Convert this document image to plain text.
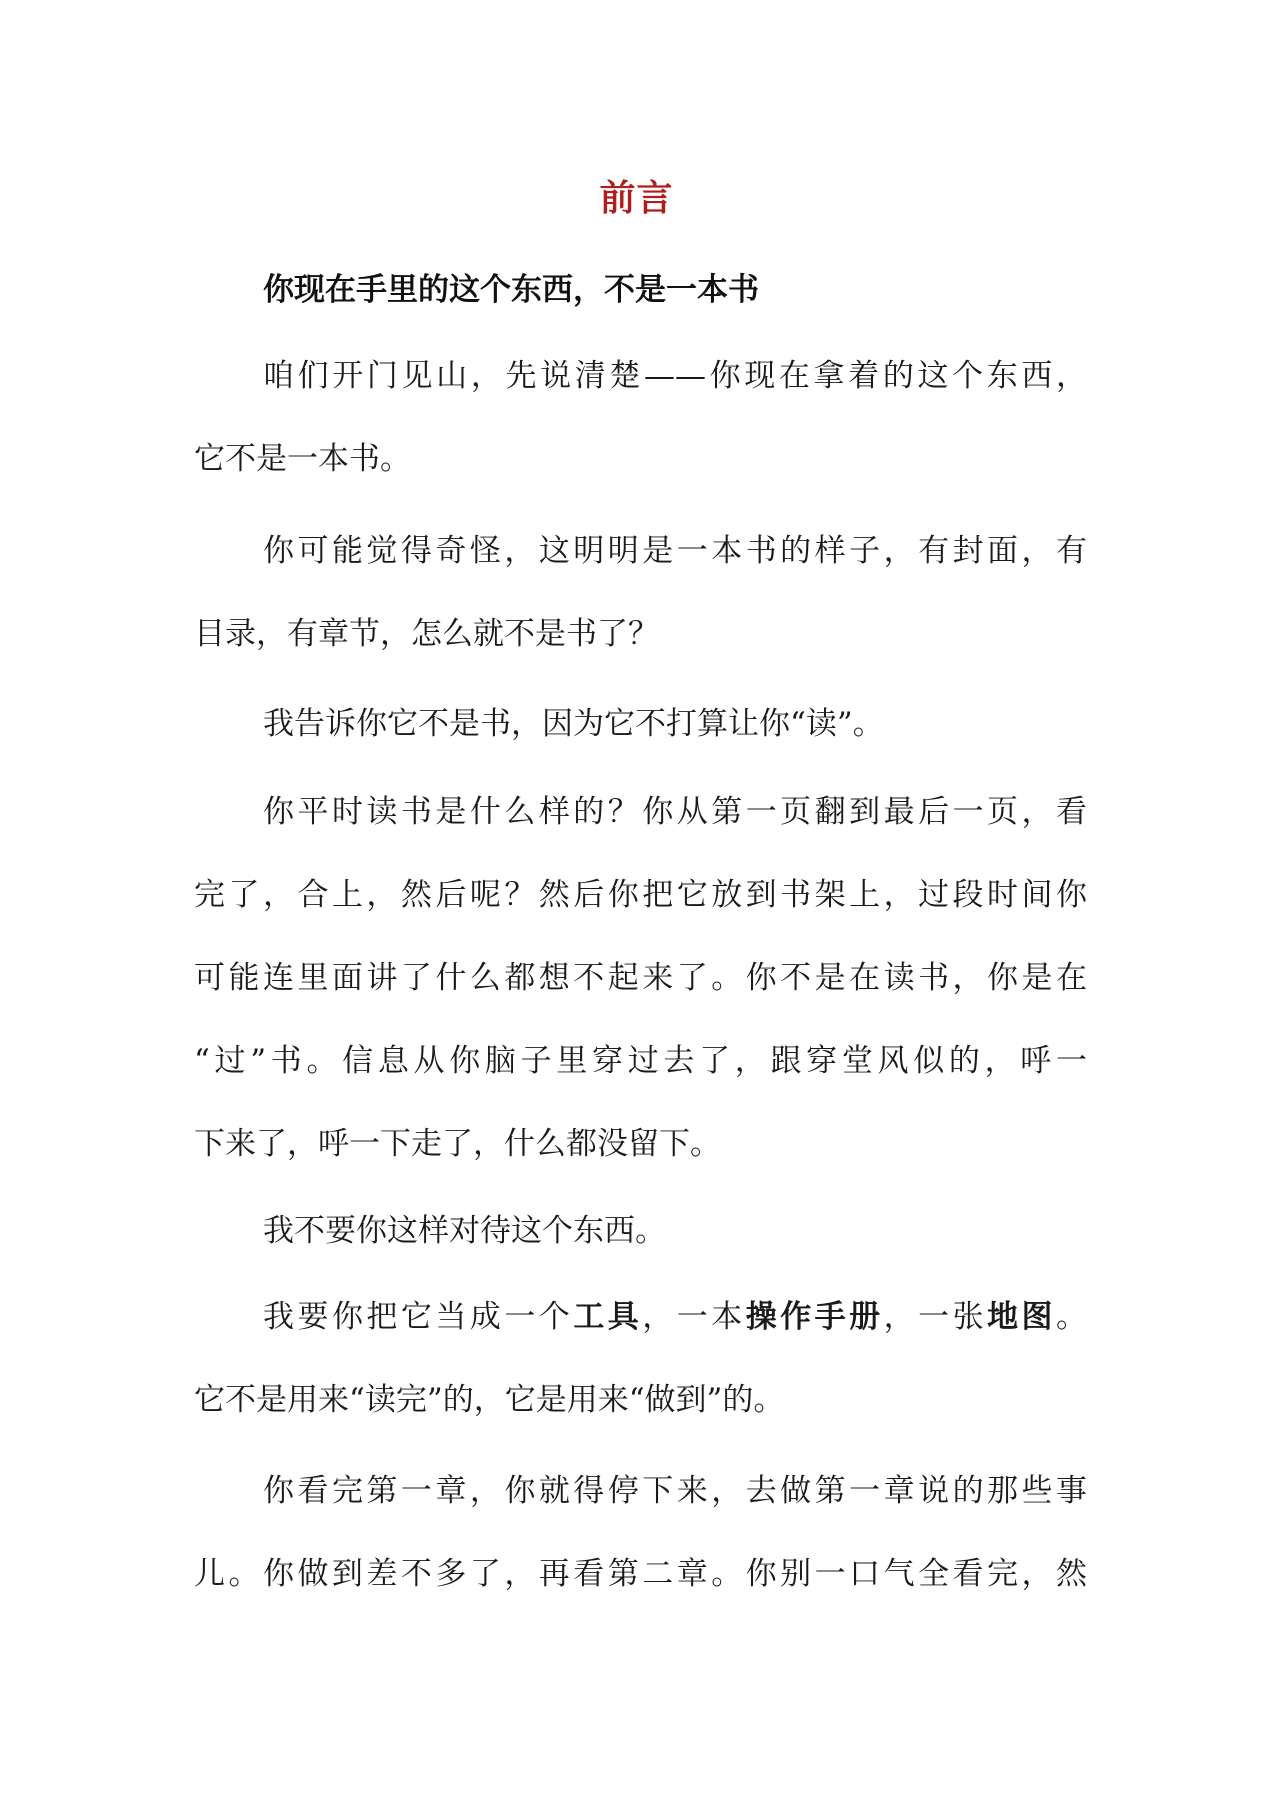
前言
你现在手里的这个东西，不是一本书
咱们开门见山，先说清楚——你现在拿着的这个东西，
它不是一本书。
你可能觉得奇怪，这明明是一本书的样子，有封面，有
目录，有章节，怎么就不是书了？
我告诉你它不是书，因为它不打算让你“读”。
你平时读书是什么样的？你从第一页翻到最后一页，看
完了，合上，然后呢？然后你把它放到书架上，过段时间你
可能连里面讲了什么都想不起来了。你不是在读书，你是在
“过”书。信息从你脑子里穿过去了，跟穿堂风似的，呼一
下来了，呼一下走了，什么都没留下。
我不要你这样对待这个东西。
我要你把它当成一个工具，一本操作手册，一张地图。
它不是用来“读完”的，它是用来“做到”的。
你看完第一章，你就得停下来，去做第一章说的那些事
儿。你做到差不多了，再看第二章。你别一口气全看完，然
